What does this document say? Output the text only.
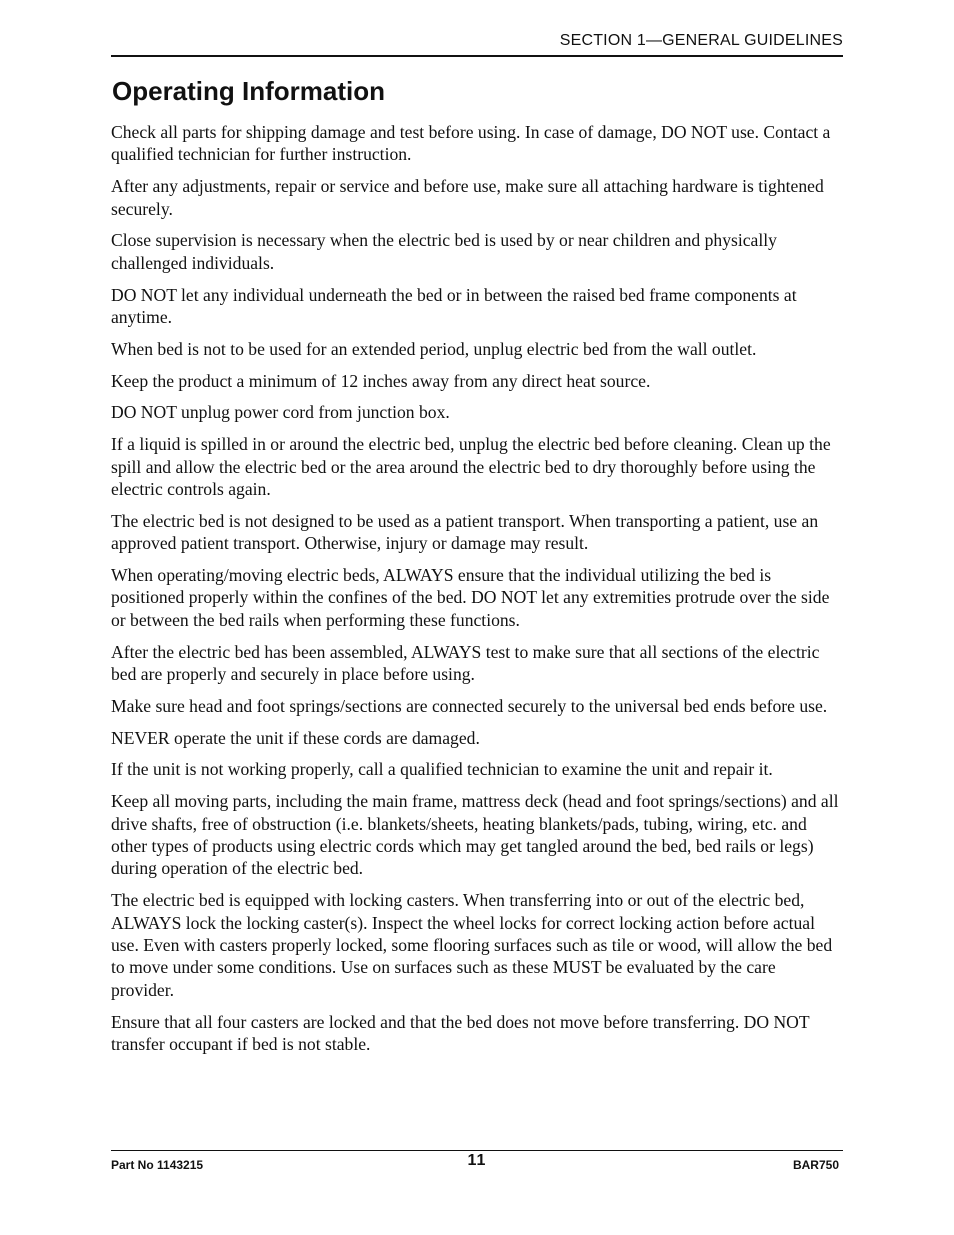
SECTION 1—GENERAL GUIDELINES
Operating Information

Check all parts for shipping damage and test before using. In case of damage, DO NOT use. Contact a qualified technician for further instruction.

After any adjustments, repair or service and before use, make sure all attaching hardware is tightened securely.

Close supervision is necessary when the electric bed is used by or near children and physically challenged individuals.

DO NOT let any individual underneath the bed or in between the raised bed frame components at anytime.

When bed is not to be used for an extended period, unplug electric bed from the wall outlet.

Keep the product a minimum of 12 inches away from any direct heat source.

DO NOT unplug power cord from junction box.

If a liquid is spilled in or around the electric bed, unplug the electric bed before cleaning. Clean up the spill and allow the electric bed or the area around the electric bed to dry thoroughly before using the electric controls again.

The electric bed is not designed to be used as a patient transport. When transporting a patient, use an approved patient transport. Otherwise, injury or damage may result.

When operating/moving electric beds, ALWAYS ensure that the individual utilizing the bed is positioned properly within the confines of the bed. DO NOT let any extremities protrude over the side or between the bed rails when performing these functions.

After the electric bed has been assembled, ALWAYS test to make sure that all sections of the electric bed are properly and securely in place before using.

Make sure head and foot springs/sections are connected securely to the universal bed ends before use.

NEVER operate the unit if these cords are damaged.

If the unit is not working properly, call a qualified technician to examine the unit and repair it.

Keep all moving parts, including the main frame, mattress deck (head and foot springs/sections) and all drive shafts, free of obstruction (i.e. blankets/sheets, heating blankets/pads, tubing, wiring, etc. and other types of products using electric cords which may get tangled around the bed, bed rails or legs) during operation of the electric bed.

The electric bed is equipped with locking casters. When transferring into or out of the electric bed, ALWAYS lock the locking caster(s). Inspect the wheel locks for correct locking action before actual use. Even with casters properly locked, some flooring surfaces such as tile or wood, will allow the bed to move under some conditions. Use on surfaces such as these MUST be evaluated by the care provider.

Ensure that all four casters are locked and that the bed does not move before transferring. DO NOT transfer occupant if bed is not stable.

Part No 1143215	11	BAR750
